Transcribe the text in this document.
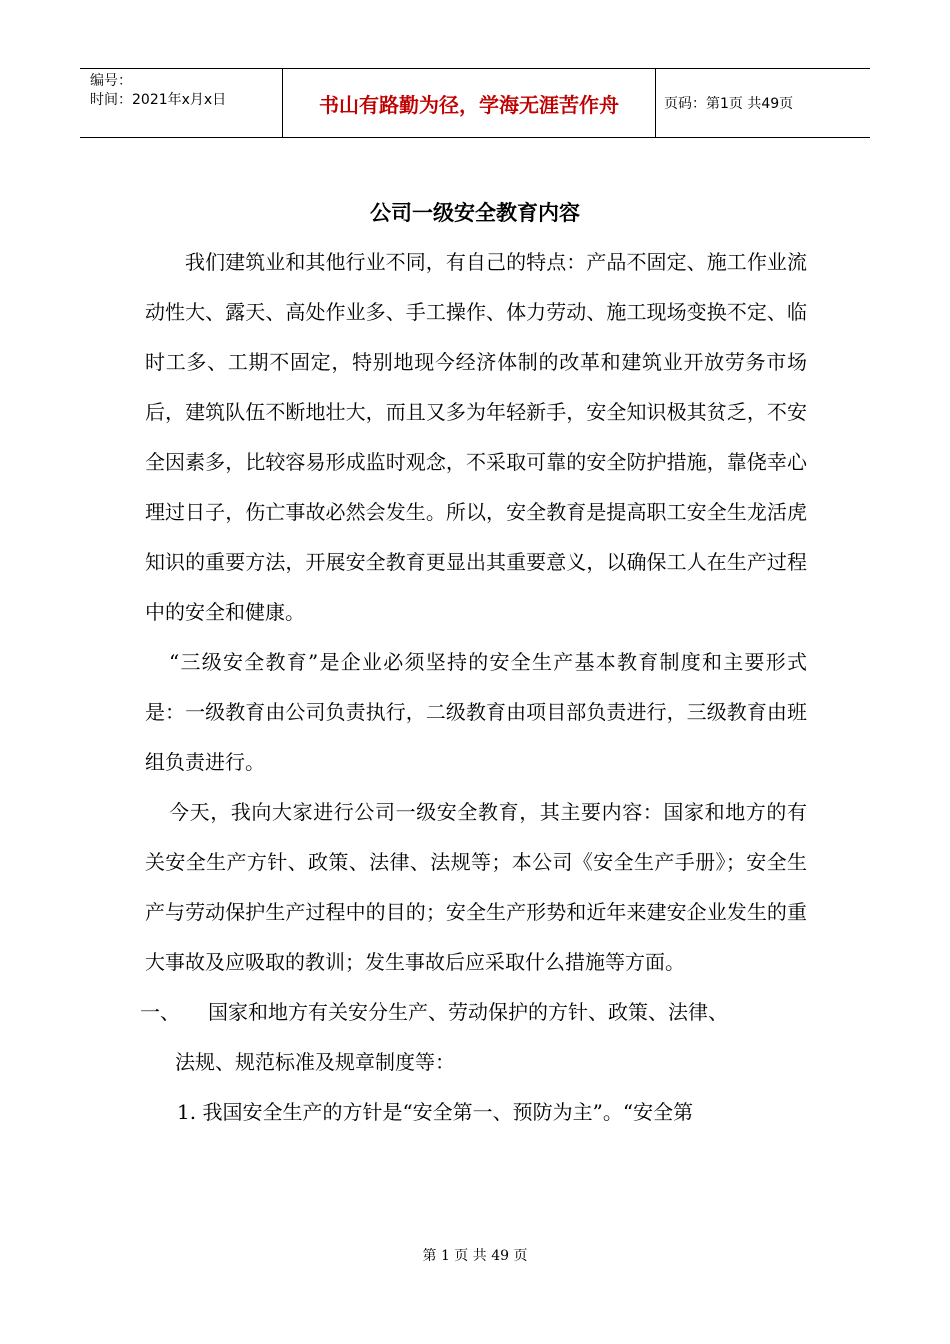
编号：
时间：2021年x月x日	书山有路勤为径，学海无涯苦作舟	页码：第1页 共49页
公司一级安全教育内容

我们建筑业和其他行业不同，有自己的特点：产品不固定、施工作业流动性大、露天、高处作业多、手工操作、体力劳动、施工现场变换不定、临时工多、工期不固定，特别地现今经济体制的改革和建筑业开放劳务市场后，建筑队伍不断地壮大，而且又多为年轻新手，安全知识极其贫乏，不安全因素多，比较容易形成监时观念，不采取可靠的安全防护措施，靠侥幸心理过日子，伤亡事故必然会发生。所以，安全教育是提高职工安全生龙活虎知识的重要方法，开展安全教育更显出其重要意义，以确保工人在生产过程中的安全和健康。

“三级安全教育”是企业必须坚持的安全生产基本教育制度和主要形式是：一级教育由公司负责执行，二级教育由项目部负责进行，三级教育由班组负责进行。

今天，我向大家进行公司一级安全教育，其主要内容：国家和地方的有关安全生产方针、政策、法律、法规等；本公司《安全生产手册》；安全生产与劳动保护生产过程中的目的；安全生产形势和近年来建安企业发生的重大事故及应吸取的教训；发生事故后应采取什么措施等方面。

一、	国家和地方有关安分生产、劳动保护的方针、政策、法律、

法规、规范标准及规章制度等：

1. 我国安全生产的方针是“安全第一、预防为主”。“安全第

第 1 页 共 49 页
